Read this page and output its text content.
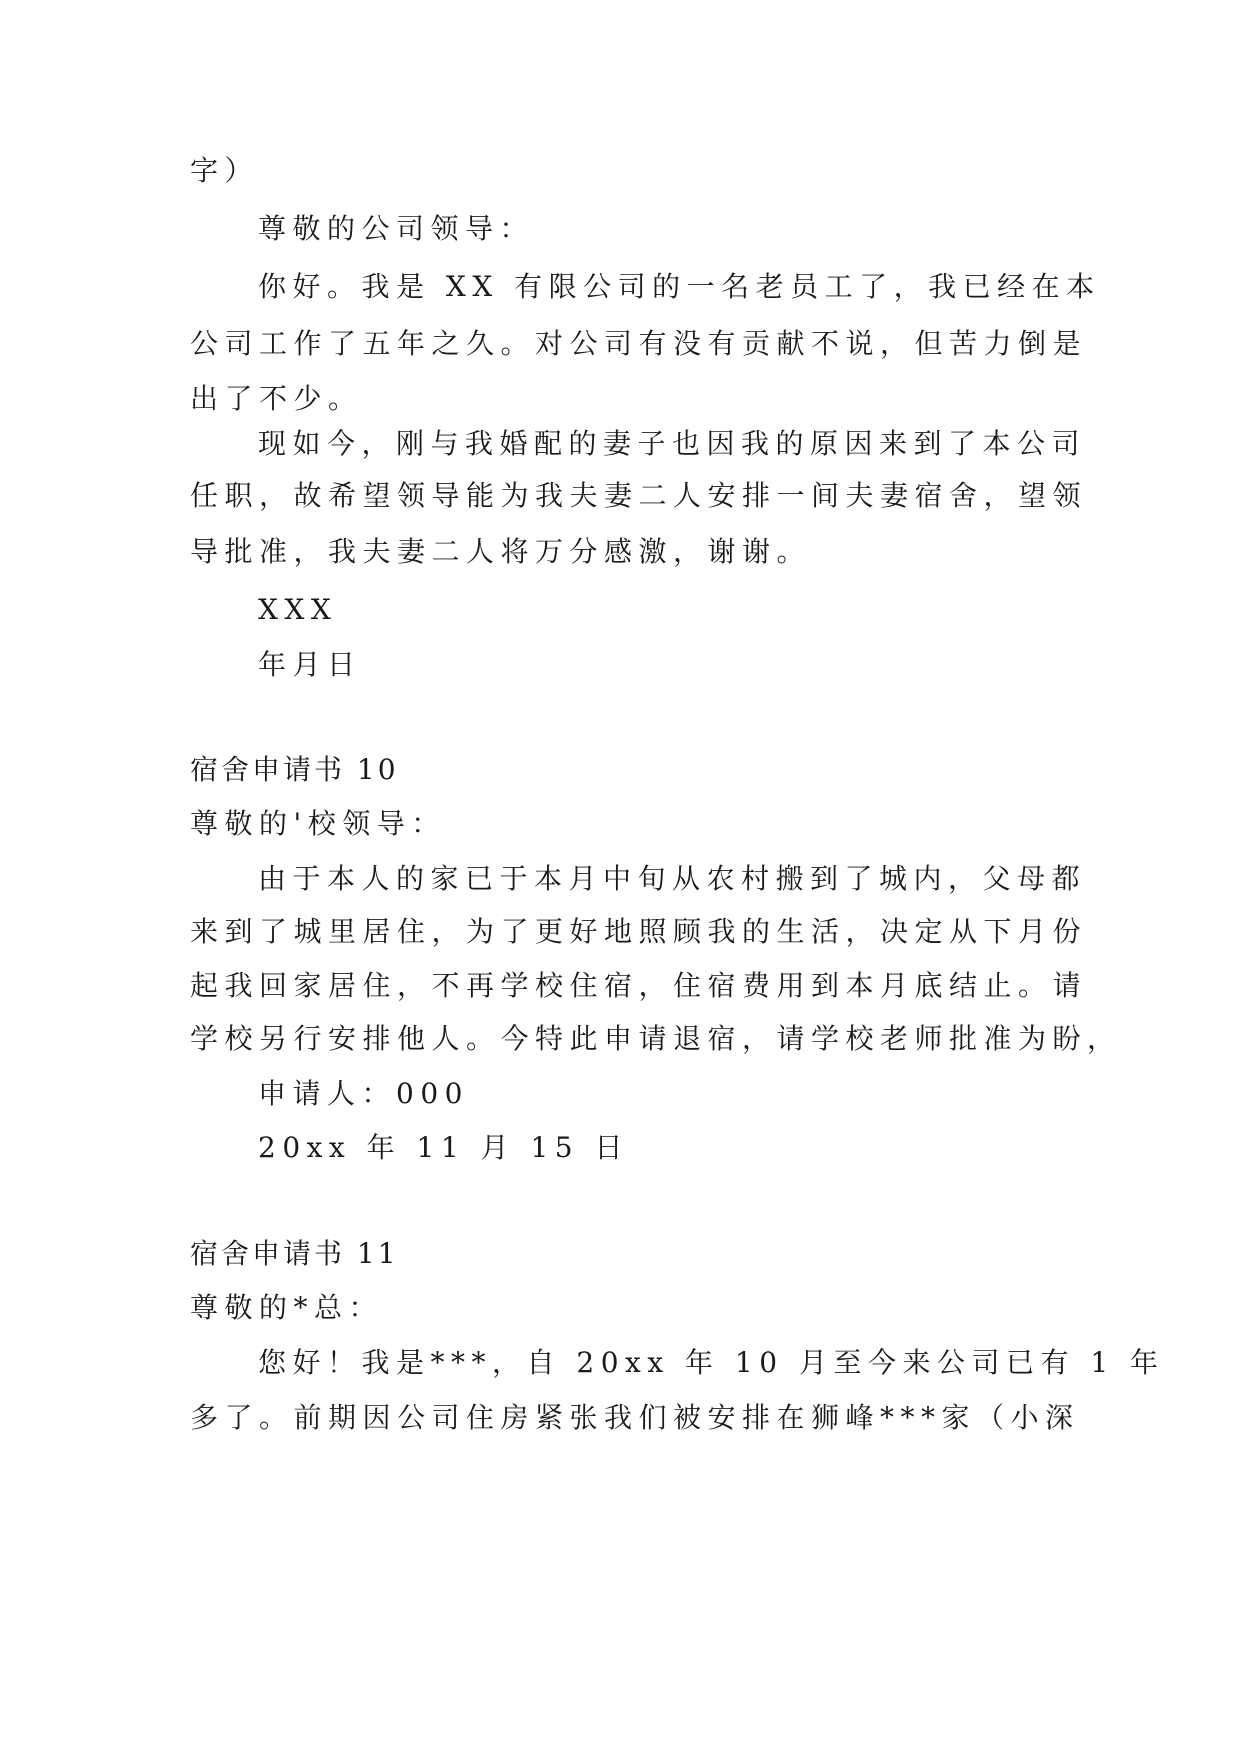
字）
尊敬的公司领导：
你好。我是 XX 有限公司的一名老员工了，我已经在本
公司工作了五年之久。对公司有没有贡献不说，但苦力倒是
出了不少。
现如今，刚与我婚配的妻子也因我的原因来到了本公司
任职，故希望领导能为我夫妻二人安排一间夫妻宿舍，望领
导批准，我夫妻二人将万分感激，谢谢。
XXX
年月日
宿舍申请书 10
尊敬的'校领导：
由于本人的家已于本月中旬从农村搬到了城内，父母都
来到了城里居住，为了更好地照顾我的生活，决定从下月份
起我回家居住，不再学校住宿，住宿费用到本月底结止。请
学校另行安排他人。今特此申请退宿，请学校老师批准为盼，
申请人：000
20xx 年 11 月 15 日
宿舍申请书 11
尊敬的*总：
您好！我是***，自 20xx 年 10 月至今来公司已有 1 年
多了。前期因公司住房紧张我们被安排在狮峰***家（小深
